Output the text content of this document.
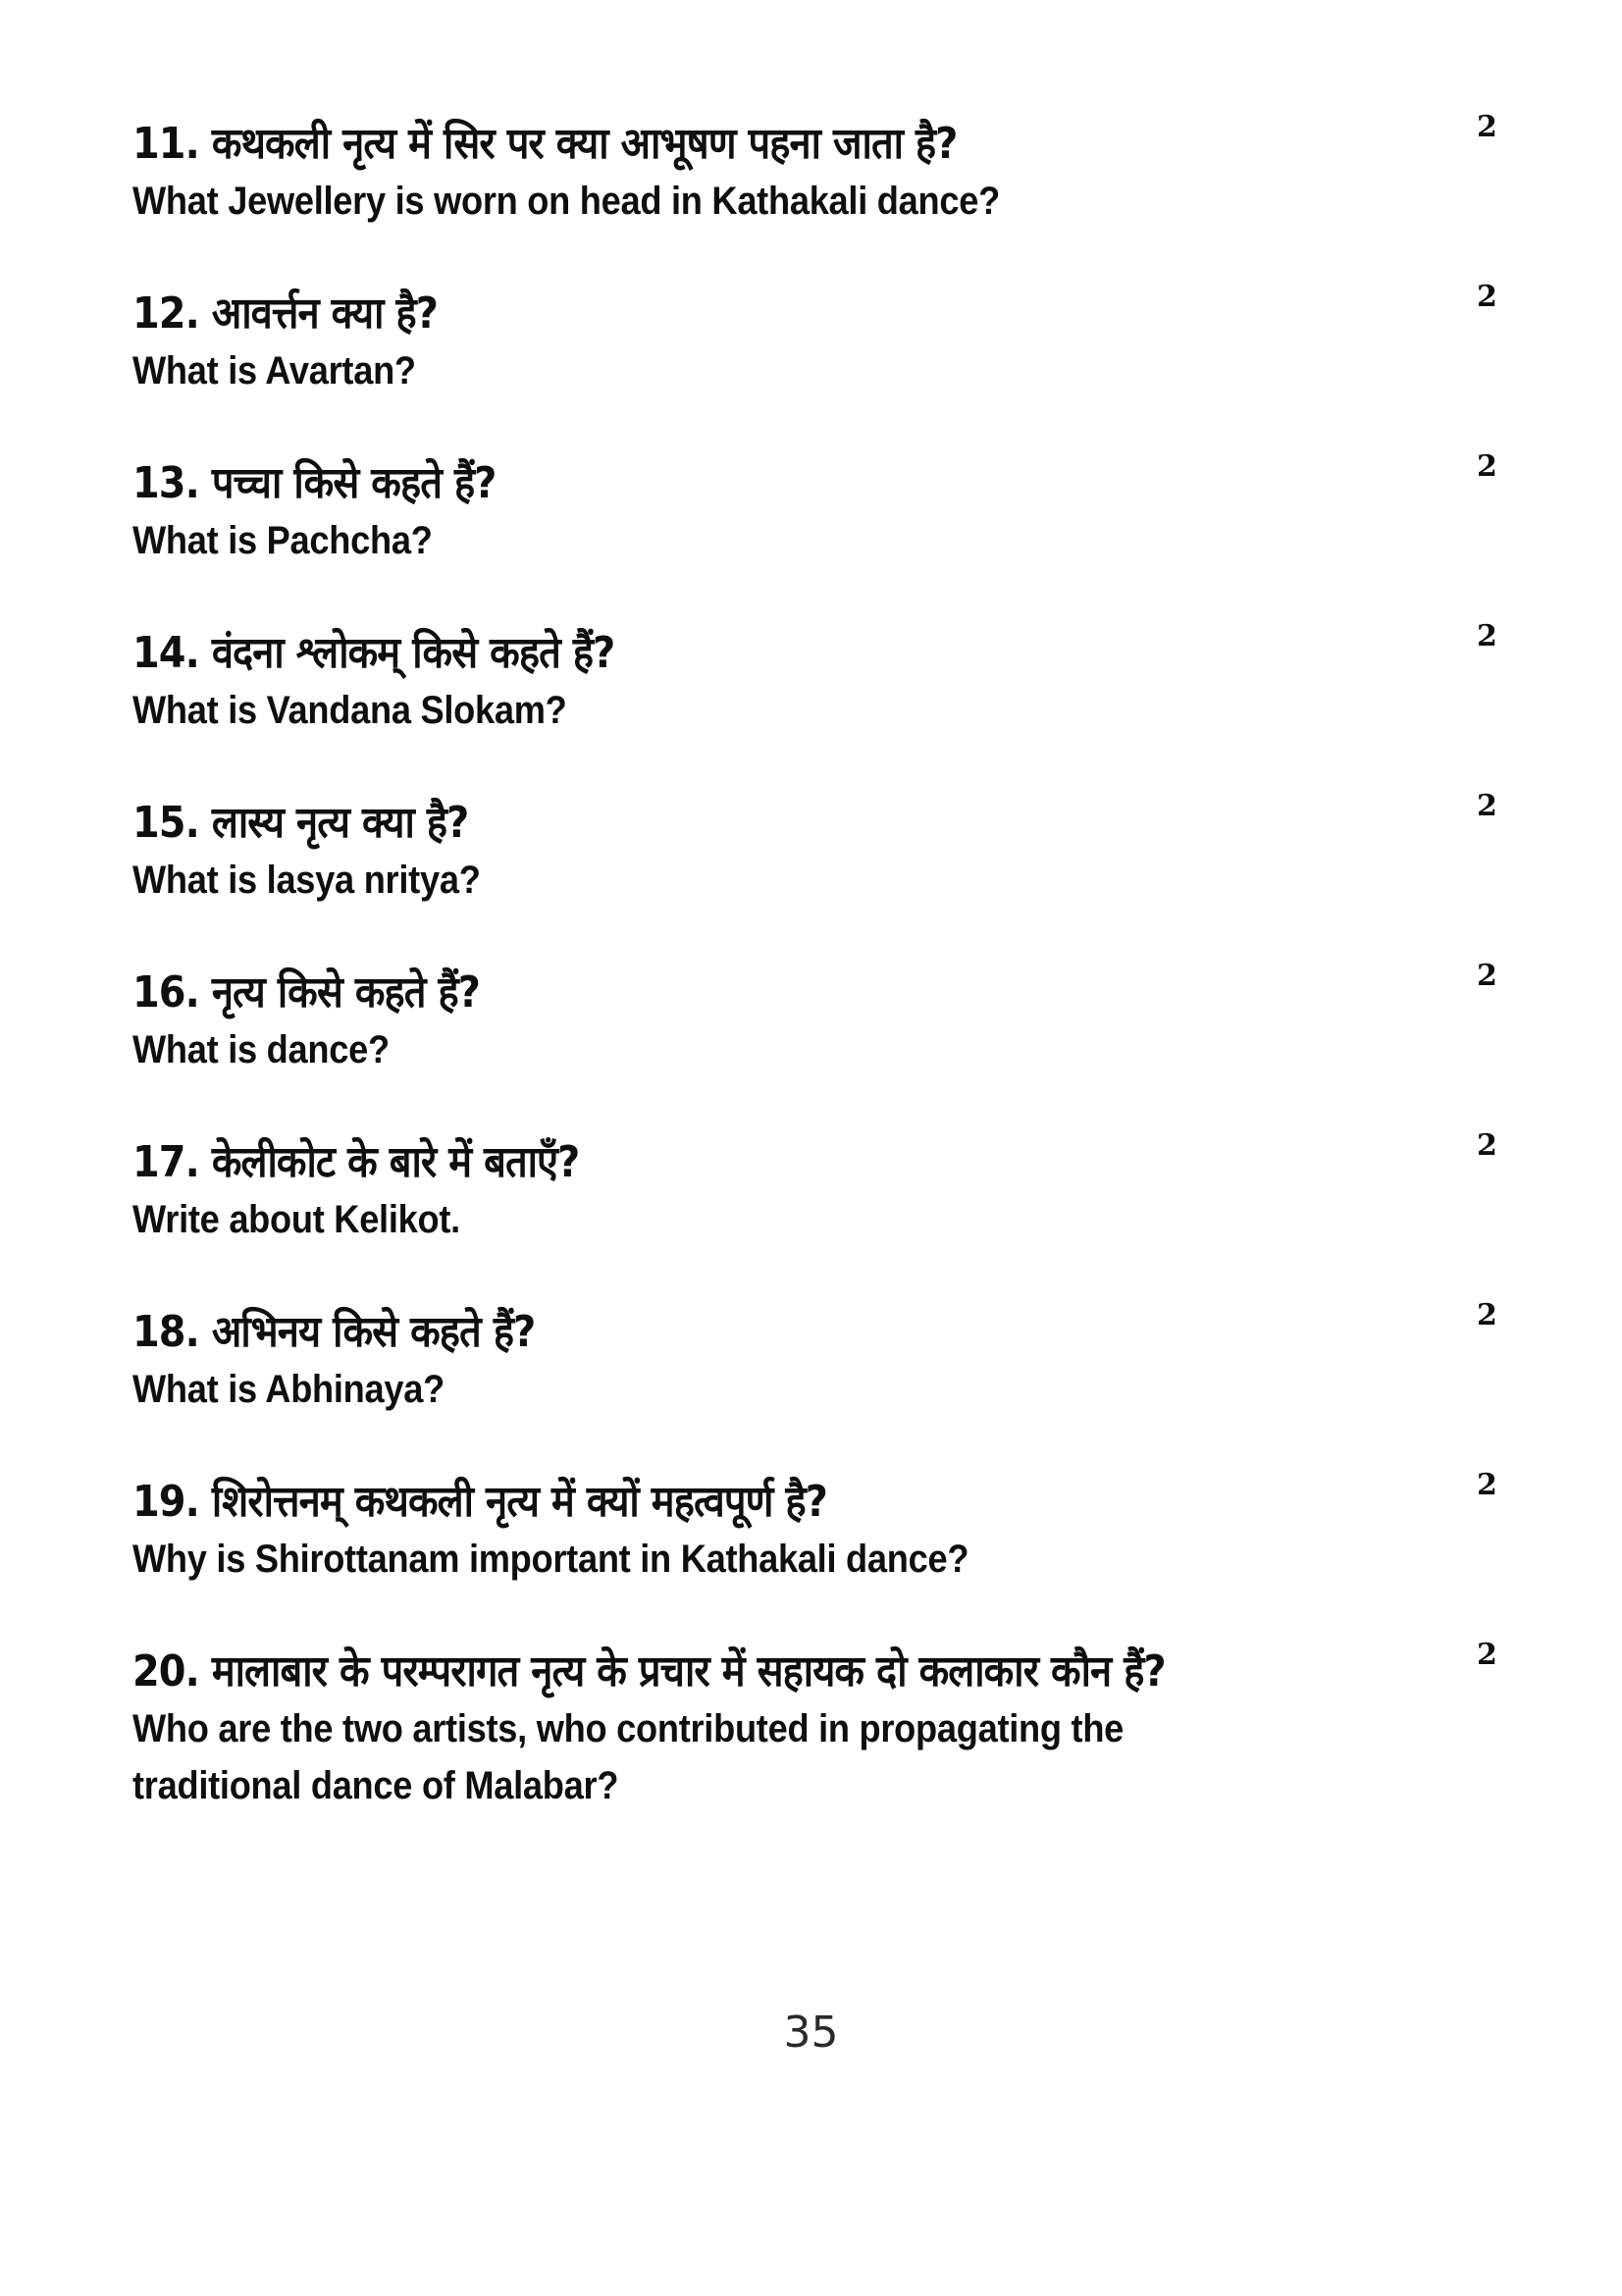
11. कथकली नृत्य में सिर पर क्या आभूषण पहना जाता है?
What Jewellery is worn on head in Kathakali dance?
2
12. आवर्त्तन क्या है?
What is Avartan?
2
13. पच्चा किसे कहते हैं?
What is Pachcha?
2
14. वंदना श्लोकम् किसे कहते हैं?
What is Vandana Slokam?
2
15. लास्य नृत्य क्या है?
What is lasya nritya?
2
16. नृत्य किसे कहते हैं?
What is dance?
2
17. केलीकोट के बारे में बताएँ?
Write about Kelikot.
2
18. अभिनय किसे कहते हैं?
What is Abhinaya?
2
19. शिरोत्तनम् कथकली नृत्य में क्यों महत्वपूर्ण है?
Why is Shirottanam important in Kathakali dance?
2
20. मालाबार के परम्परागत नृत्य के प्रचार में सहायक दो कलाकार कौन हैं?
Who are the two artists, who contributed in propagating the
traditional dance of Malabar?
2
35
